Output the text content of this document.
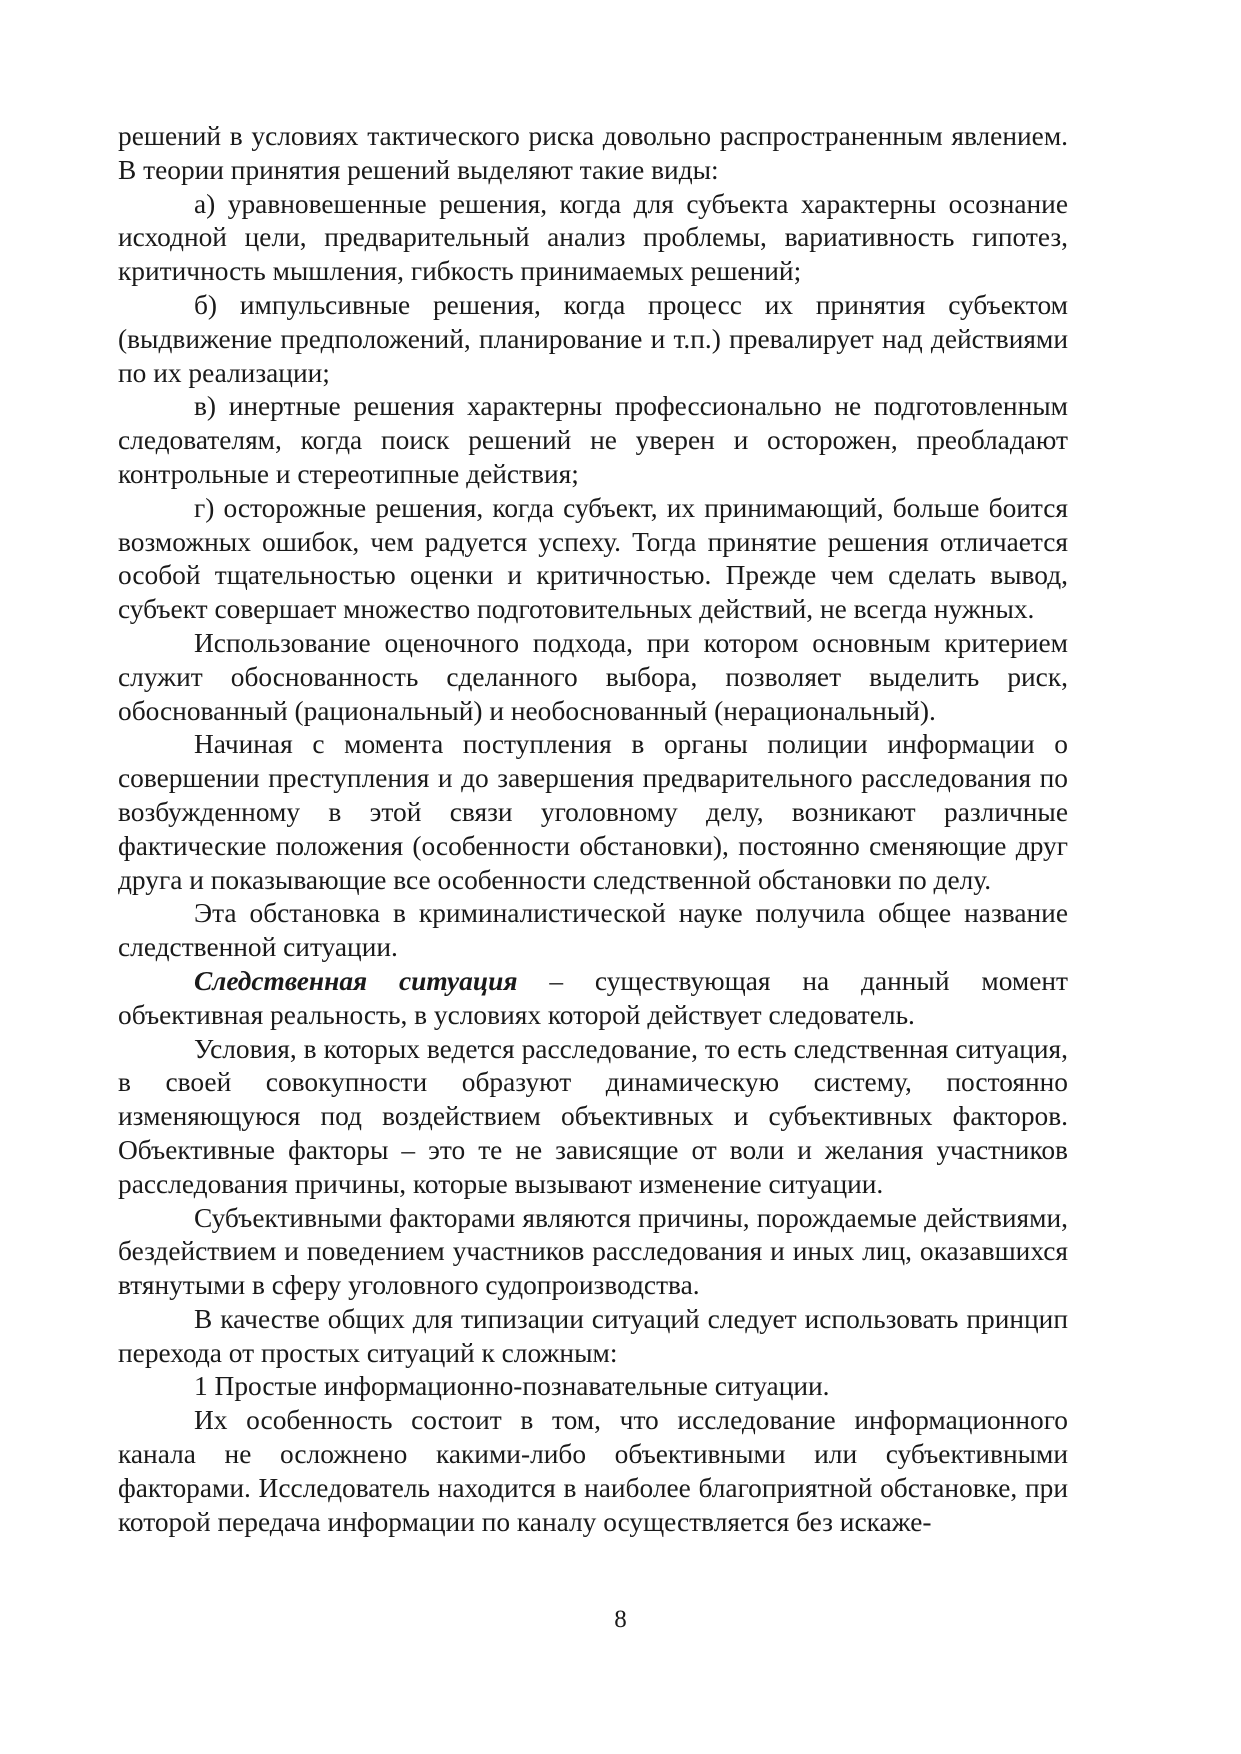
решений в условиях тактического риска довольно распространенным явлением. В теории принятия решений выделяют такие виды:

а) уравновешенные решения, когда для субъекта характерны осознание исходной цели, предварительный анализ проблемы, вариативность гипотез, критичность мышления, гибкость принимаемых решений;

б) импульсивные решения, когда процесс их принятия субъектом (выдвижение предположений, планирование и т.п.) превалирует над действиями по их реализации;

в) инертные решения характерны профессионально не подготовленным следователям, когда поиск решений не уверен и осторожен, преобладают контрольные и стереотипные действия;

г) осторожные решения, когда субъект, их принимающий, больше боится возможных ошибок, чем радуется успеху. Тогда принятие решения отличается особой тщательностью оценки и критичностью. Прежде чем сделать вывод, субъект совершает множество подготовительных действий, не всегда нужных.

Использование оценочного подхода, при котором основным критерием служит обоснованность сделанного выбора, позволяет выделить риск, обоснованный (рациональный) и необоснованный (нерациональный).

Начиная с момента поступления в органы полиции информации о совершении преступления и до завершения предварительного расследования по возбужденному в этой связи уголовному делу, возникают различные фактические положения (особенности обстановки), постоянно сменяющие друг друга и показывающие все особенности следственной обстановки по делу.

Эта обстановка в криминалистической науке получила общее название следственной ситуации.

Следственная ситуация – существующая на данный момент объективная реальность, в условиях которой действует следователь.

Условия, в которых ведется расследование, то есть следственная ситуация, в своей совокупности образуют динамическую систему, постоянно изменяющуюся под воздействием объективных и субъективных факторов. Объективные факторы – это те не зависящие от воли и желания участников расследования причины, которые вызывают изменение ситуации.

Субъективными факторами являются причины, порождаемые действиями, бездействием и поведением участников расследования и иных лиц, оказавшихся втянутыми в сферу уголовного судопроизводства.

В качестве общих для типизации ситуаций следует использовать принцип перехода от простых ситуаций к сложным:

1 Простые информационно-познавательные ситуации.

Их особенность состоит в том, что исследование информационного канала не осложнено какими-либо объективными или субъективными факторами. Исследователь находится в наиболее благоприятной обстановке, при которой передача информации по каналу осуществляется без искаже-

8
